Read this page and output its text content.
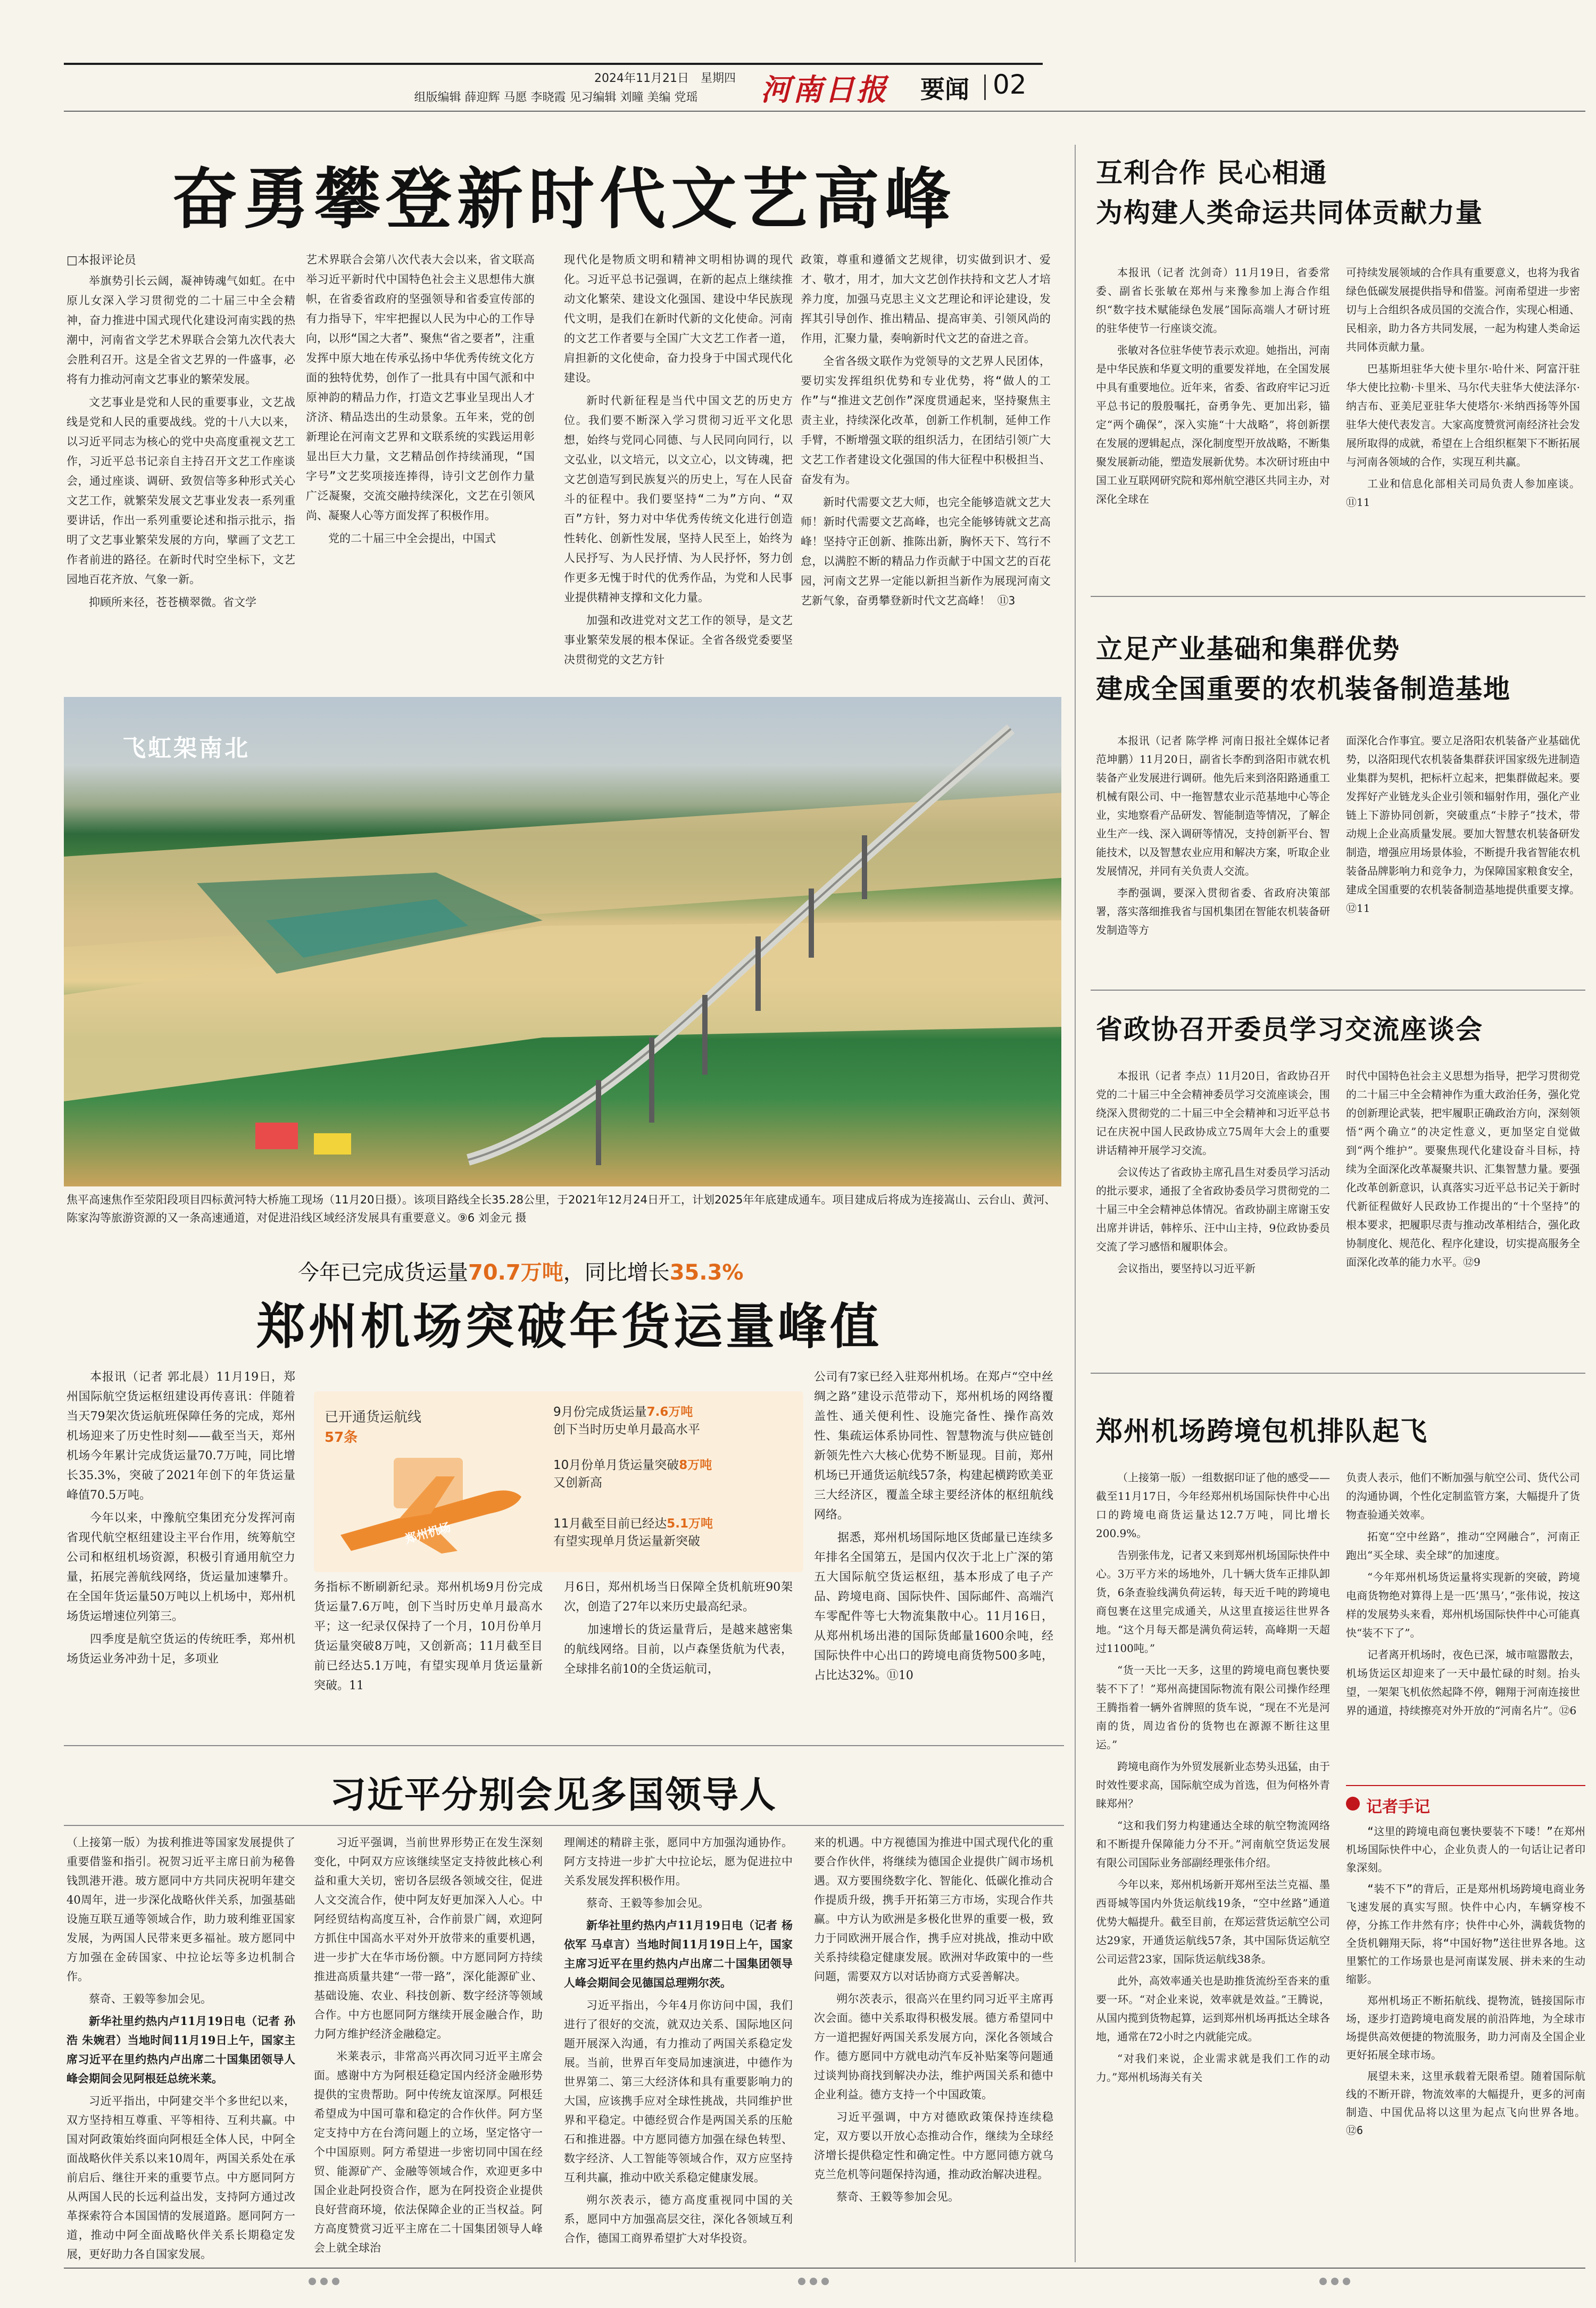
2024年11月21日　星期四
组版编辑 薛迎辉 马愿 李晓霞 见习编辑 刘曈 美编 党瑶	河南日报	要闻 02
奋勇攀登新时代文艺高峰
□本报评论员

举旗势引长云阔，凝神铸魂气如虹。在中原儿女深入学习贯彻党的二十届三中全会精神，奋力推进中国式现代化建设河南实践的热潮中，河南省文学艺术界联合会第九次代表大会胜利召开。这是全省文艺界的一件盛事，必将有力推动河南文艺事业的繁荣发展。

文艺事业是党和人民的重要事业，文艺战线是党和人民的重要战线。党的十八大以来，以习近平同志为核心的党中央高度重视文艺工作，习近平总书记亲自主持召开文艺工作座谈会，通过座谈、调研、致贺信等多种形式关心文艺工作，就繁荣发展文艺事业发表一系列重要讲话，作出一系列重要论述和指示批示，指明了文艺事业繁荣发展的方向，擘画了文艺工作者前进的路径。在新时代时空坐标下，文艺园地百花齐放、气象一新。

抑顾所来径，苍苍横翠微。省文学

艺术界联合会第八次代表大会以来，省文联高举习近平新时代中国特色社会主义思想伟大旗帜，在省委省政府的坚强领导和省委宣传部的有力指导下，牢牢把握以人民为中心的工作导向，以形“国之大者”、聚焦“省之要者”，注重发挥中原大地在传承弘扬中华优秀传统文化方面的独特优势，创作了一批具有中国气派和中原神韵的精品力作，打造文艺事业呈现出人才济济、精品迭出的生动景象。五年来，党的创新理论在河南文艺界和文联系统的实践运用彰显出巨大力量，文艺精品创作持续涌现，“国字号”文艺奖项接连捧得，诗引文艺创作力量广泛凝聚，交流交融持续深化，文艺在引领风尚、凝聚人心等方面发挥了积极作用。

党的二十届三中全会提出，中国式

现代化是物质文明和精神文明相协调的现代化。习近平总书记强调，在新的起点上继续推动文化繁荣、建设文化强国、建设中华民族现代文明，是我们在新时代新的文化使命。河南的文艺工作者要与全国广大文艺工作者一道，肩担新的文化使命，奋力投身于中国式现代化建设。

新时代新征程是当代中国文艺的历史方位。我们要不断深入学习贯彻习近平文化思想，始终与党同心同德、与人民同向同行，以文弘业，以文培元，以文立心，以文铸魂，把文艺创造写到民族复兴的历史上，写在人民奋斗的征程中。我们要坚持“二为”方向、“双百”方针，努力对中华优秀传统文化进行创造性转化、创新性发展，坚持人民至上，始终为人民抒写、为人民抒情、为人民抒怀，努力创作更多无愧于时代的优秀作品，为党和人民事业提供精神支撑和文化力量。

加强和改进党对文艺工作的领导，是文艺事业繁荣发展的根本保证。全省各级党委要坚决贯彻党的文艺方针

政策，尊重和遵循文艺规律，切实做到识才、爱才、敬才，用才，加大文艺创作扶持和文艺人才培养力度，加强马克思主义文艺理论和评论建设，发挥其引导创作、推出精品、提高审美、引领风尚的作用，汇聚力量，奏响新时代文艺的奋进之音。

全省各级文联作为党领导的文艺界人民团体，要切实发挥组织优势和专业优势，将“做人的工作”与“推进文艺创作”深度贯通起来，坚持聚焦主责主业，持续深化改革，创新工作机制，延伸工作手臂，不断增强文联的组织活力，在团结引领广大文艺工作者建设文化强国的伟大征程中积极担当、奋发有为。

新时代需要文艺大师，也完全能够造就文艺大师！新时代需要文艺高峰，也完全能够铸就文艺高峰！坚持守正创新、推陈出新，胸怀天下、笃行不怠，以满腔不断的精品力作贡献于中国文艺的百花园，河南文艺界一定能以新担当新作为展现河南文艺新气象，奋勇攀登新时代文艺高峰！ ⑪3

飞虹架南北
焦平高速焦作至荥阳段项目四标黄河特大桥施工现场（11月20日摄）。该项目路线全长35.28公里，于2021年12月24日开工，计划2025年年底建成通车。项目建成后将成为连接嵩山、云台山、黄河、陈家沟等旅游资源的又一条高速通道，对促进沿线区域经济发展具有重要意义。⑨6 刘金元 摄
今年已完成货运量70.7万吨，同比增长35.3%
郑州机场突破年货运量峰值

本报讯（记者 郭北晨）11月19日，郑州国际航空货运枢纽建设再传喜讯：伴随着当天79架次货运航班保障任务的完成，郑州机场迎来了历史性时刻——截至当天，郑州机场今年累计完成货运量70.7万吨，同比增长35.3%，突破了2021年创下的年货运量峰值70.5万吨。

今年以来，中豫航空集团充分发挥河南省现代航空枢纽建设主平台作用，统筹航空公司和枢纽机场资源，积极引育通用航空力量，拓展完善航线网络，货运量加速攀升。在全国年货运量50万吨以上机场中，郑州机场货运增速位列第三。

四季度是航空货运的传统旺季，郑州机场货运业务冲劲十足，多项业

已开通货运航线 57条
郑州机场
9月份完成货运量7.6万吨
创下当时历史单月最高水平
10月份单月货运量突破8万吨
又创新高
11月截至目前已经达5.1万吨
有望实现单月货运量新突破

务指标不断刷新纪录。郑州机场9月份完成货运量7.6万吨，创下当时历史单月最高水平；这一纪录仅保持了一个月，10月份单月货运量突破8万吨，又创新高；11月截至目前已经达5.1万吨，有望实现单月货运量新突破。11

月6日，郑州机场当日保障全货机航班90架次，创造了27年以来历史最高纪录。

加速增长的货运量背后，是越来越密集的航线网络。目前，以卢森堡货航为代表，全球排名前10的全货运航司，

公司有7家已经入驻郑州机场。在郑卢“空中丝绸之路”建设示范带动下，郑州机场的网络覆盖性、通关便利性、设施完备性、操作高效性、集疏运体系协同性、智慧物流与供应链创新领先性六大核心优势不断显现。目前，郑州机场已开通货运航线57条，构建起横跨欧美亚三大经济区，覆盖全球主要经济体的枢纽航线网络。

据悉，郑州机场国际地区货邮量已连续多年排名全国第五，是国内仅次于北上广深的第五大国际航空货运枢纽，基本形成了电子产品、跨境电商、国际快件、国际邮件、高端汽车零配件等七大物流集散中心。11月16日，从郑州机场出港的国际货邮量1600余吨，经国际快件中心出口的跨境电商货物500多吨，占比达32%。⑪10

习近平分别会见多国领导人

（上接第一版）为拔利推进等国家发展提供了重要借鉴和指引。祝贺习近平主席日前为秘鲁钱凯港开港。玻方愿同中方共同庆祝明年建交40周年，进一步深化战略伙伴关系，加强基础设施互联互通等领域合作，助力玻利维亚国家发展，为两国人民带来更多福祉。玻方愿同中方加强在金砖国家、中拉论坛等多边机制合作。

蔡奇、王毅等参加会见。

新华社里约热内卢11月19日电（记者 孙浩 朱婉君）当地时间11月19日上午，国家主席习近平在里约热内卢出席二十国集团领导人峰会期间会见阿根廷总统米莱。

习近平指出，中阿建交半个多世纪以来，双方坚持相互尊重、平等相待、互利共赢。中国对阿政策始终面向阿根廷全体人民，中阿全面战略伙伴关系以来10周年，两国关系处在承前启后、继往开来的重要节点。中方愿同阿方从两国人民的长远利益出发，支持阿方通过改革探索符合本国国情的发展道路。愿同阿方一道，推动中阿全面战略伙伴关系长期稳定发展，更好助力各自国家发展。

习近平强调，当前世界形势正在发生深刻变化，中阿双方应该继续坚定支持彼此核心利益和重大关切，密切各层级各领域交往，促进人文交流合作，使中阿友好更加深入人心。中阿经贸结构高度互补，合作前景广阔，欢迎阿方抓住中国高水平对外开放带来的重要机遇，进一步扩大在华市场份额。中方愿同阿方持续推进高质量共建“一带一路”，深化能源矿业、基础设施、农业、科技创新、数字经济等领域合作。中方也愿同阿方继续开展金融合作，助力阿方维护经济金融稳定。

米莱表示，非常高兴再次同习近平主席会面。感谢中方为阿根廷稳定国内经济金融形势提供的宝贵帮助。阿中传统友谊深厚。阿根廷希望成为中国可靠和稳定的合作伙伴。阿方坚定支持中方在台湾问题上的立场，坚定恪守一个中国原则。阿方希望进一步密切同中国在经贸、能源矿产、金融等领域合作，欢迎更多中国企业赴阿投资合作，愿为在阿投资企业提供良好营商环境，依法保障企业的正当权益。阿方高度赞赏习近平主席在二十国集团领导人峰会上就全球治

理阐述的精辟主张，愿同中方加强沟通协作。阿方支持进一步扩大中拉论坛，愿为促进拉中关系发展发挥积极作用。

蔡奇、王毅等参加会见。

新华社里约热内卢11月19日电（记者 杨依军 马卓言）当地时间11月19日上午，国家主席习近平在里约热内卢出席二十国集团领导人峰会期间会见德国总理朔尔茨。

习近平指出，今年4月你访问中国，我们进行了很好的交流，就双边关系、国际地区问题开展深入沟通，有力推动了两国关系稳定发展。当前，世界百年变局加速演进，中德作为世界第二、第三大经济体和具有重要影响力的大国，应该携手应对全球性挑战，共同维护世界和平稳定。中德经贸合作是两国关系的压舱石和推进器。中方愿同德方加强在绿色转型、数字经济、人工智能等领域合作，双方应坚持互利共赢，推动中欧关系稳定健康发展。

朔尔茨表示，德方高度重视同中国的关系，愿同中方加强高层交往，深化各领域互利合作，德国工商界希望扩大对华投资。

来的机遇。中方视德国为推进中国式现代化的重要合作伙伴，将继续为德国企业提供广阔市场机遇。双方要围绕数字化、智能化、低碳化推动合作提质升级，携手开拓第三方市场，实现合作共赢。中方认为欧洲是多极化世界的重要一极，致力于同欧洲开展合作，携手应对挑战，推动中欧关系持续稳定健康发展。欧洲对华政策中的一些问题，需要双方以对话协商方式妥善解决。

朔尔茨表示，很高兴在里约同习近平主席再次会面。德中关系取得积极发展。德方希望同中方一道把握好两国关系发展方向，深化各领域合作。德方愿同中方就电动汽车反补贴案等问题通过谈判协商找到解决办法，维护两国关系和德中企业利益。德方支持一个中国政策。

习近平强调，中方对德欧政策保持连续稳定，双方要以开放心态推动合作，继续为全球经济增长提供稳定性和确定性。中方愿同德方就乌克兰危机等问题保持沟通，推动政治解决进程。

蔡奇、王毅等参加会见。

互利合作 民心相通
为构建人类命运共同体贡献力量

本报讯（记者 沈剑奇）11月19日，省委常委、副省长张敏在郑州与来豫参加上海合作组织“数字技术赋能绿色发展”国际高端人才研讨班的驻华使节一行座谈交流。

张敏对各位驻华使节表示欢迎。她指出，河南是中华民族和华夏文明的重要发祥地，在全国发展中具有重要地位。近年来，省委、省政府牢记习近平总书记的殷殷嘱托，奋勇争先、更加出彩，锚定“两个确保”，深入实施“十大战略”，将创新摆在发展的逻辑起点，深化制度型开放战略，不断集聚发展新动能，塑造发展新优势。本次研讨班由中国工业互联网研究院和郑州航空港区共同主办，对深化全球在

可持续发展领域的合作具有重要意义，也将为我省绿色低碳发展提供指导和借鉴。河南希望进一步密切与上合组织各成员国的交流合作，实现心相通、民相亲，助力各方共同发展，一起为构建人类命运共同体贡献力量。

巴基斯坦驻华大使卡里尔·哈什米、阿富汗驻华大使比拉勒·卡里米、马尔代夫驻华大使法泽尔·纳吉布、亚美尼亚驻华大使塔尔·米纳西扬等外国驻华大使代表发言。大家高度赞赏河南经济社会发展所取得的成就，希望在上合组织框架下不断拓展与河南各领域的合作，实现互利共赢。

工业和信息化部相关司局负责人参加座谈。⑪11

立足产业基础和集群优势
建成全国重要的农机装备制造基地

本报讯（记者 陈学桦 河南日报社全媒体记者 范坤鹏）11月20日，副省长李酌到洛阳市就农机装备产业发展进行调研。他先后来到洛阳路通重工机械有限公司、中一拖智慧农业示范基地中心等企业，实地察看产品研发、智能制造等情况，了解企业生产一线、深入调研等情况，支持创新平台、智能技术，以及智慧农业应用和解决方案，听取企业发展情况，并同有关负责人交流。

李酌强调，要深入贯彻省委、省政府决策部署，落实落细推我省与国机集团在智能农机装备研发制造等方

面深化合作事宜。要立足洛阳农机装备产业基础优势，以洛阳现代农机装备集群获评国家级先进制造业集群为契机，把标杆立起来，把集群做起来。要发挥好产业链龙头企业引领和辐射作用，强化产业链上下游协同创新，突破重点“卡脖子”技术，带动规上企业高质量发展。要加大智慧农机装备研发制造，增强应用场景体验，不断提升我省智能农机装备品牌影响力和竞争力，为保障国家粮食安全，建成全国重要的农机装备制造基地提供重要支撑。⑫11

省政协召开委员学习交流座谈会

本报讯（记者 李点）11月20日，省政协召开党的二十届三中全会精神委员学习交流座谈会，围绕深入贯彻党的二十届三中全会精神和习近平总书记在庆祝中国人民政协成立75周年大会上的重要讲话精神开展学习交流。

会议传达了省政协主席孔昌生对委员学习活动的批示要求，通报了全省政协委员学习贯彻党的二十届三中全会精神总体情况。省政协副主席谢玉安出席并讲话，韩梓乐、汪中山主持，9位政协委员交流了学习感悟和履职体会。

会议指出，要坚持以习近平新

时代中国特色社会主义思想为指导，把学习贯彻党的二十届三中全会精神作为重大政治任务，强化党的创新理论武装，把牢履职正确政治方向，深刻领悟“两个确立”的决定性意义，更加坚定自觉做到“两个维护”。要聚焦现代化建设奋斗目标，持续为全面深化改革凝聚共识、汇集智慧力量。要强化改革创新意识，认真落实习近平总书记关于新时代新征程做好人民政协工作提出的“十个坚持”的根本要求，把履职尽责与推动改革相结合，强化政协制度化、规范化、程序化建设，切实提高服务全面深化改革的能力水平。⑫9

郑州机场跨境包机排队起飞

（上接第一版）一组数据印证了他的感受——截至11月17日，今年经郑州机场国际快件中心出口的跨境电商货运量达12.7万吨，同比增长200.9%。

告别张伟龙，记者又来到郑州机场国际快件中心。3万平方米的场地外，几十辆大货车正排队卸货，6条查验线满负荷运转，每天近千吨的跨境电商包裹在这里完成通关，从这里直接运往世界各地。“这个月每天都是满负荷运转，高峰期一天超过1100吨。”

“货一天比一天多，这里的跨境电商包裹快要装不下了！”郑州高捷国际物流有限公司操作经理王腾指着一辆外省牌照的货车说，“现在不光是河南的货，周边省份的货物也在源源不断往这里运。”

跨境电商作为外贸发展新业态势头迅猛，由于时效性要求高，国际航空成为首选，但为何格外青睐郑州？

“这和我们努力构建通达全球的航空物流网络和不断提升保障能力分不开。”河南航空货运发展有限公司国际业务部副经理张伟介绍。

今年以来，郑州机场新开郑州至法兰克福、墨西哥城等国内外货运航线19条，“空中丝路”通道优势大幅提升。截至目前，在郑运营货运航空公司达29家，开通货运航线57条，其中国际货运航空公司运营23家，国际货运航线38条。

此外，高效率通关也是助推货流纷至沓来的重要一环。“对企业来说，效率就是效益。”王腾说，从国内揽到货物起算，运到郑州机场再抵达全球各地，通常在72小时之内就能完成。

“对我们来说，企业需求就是我们工作的动力。”郑州机场海关有关

负责人表示，他们不断加强与航空公司、货代公司的沟通协调，个性化定制监管方案，大幅提升了货物查验通关效率。

拓宽“空中丝路”，推动“空网融合”，河南正跑出“买全球、卖全球”的加速度。

“今年郑州机场货运量将实现新的突破，跨境电商货物绝对算得上是一匹‘黑马’，”张伟说，按这样的发展势头来看，郑州机场国际快件中心可能真快“装不下了”。

记者离开机场时，夜色已深，城市喧嚣散去，机场货运区却迎来了一天中最忙碌的时刻。抬头望，一架架飞机依然起降不停，翱翔于河南连接世界的通道，持续擦亮对外开放的“河南名片”。⑫6

记者手记

“这里的跨境电商包裹快要装不下喽！”在郑州机场国际快件中心，企业负责人的一句话让记者印象深刻。

“装不下”的背后，正是郑州机场跨境电商业务飞速发展的真实写照。快件中心内，车辆穿梭不停，分拣工作井然有序；快件中心外，满载货物的全货机翱翔天际，将“中国好物”送往世界各地。这里繁忙的工作场景也是河南谋发展、拼未来的生动缩影。

郑州机场正不断拓航线、提物流，链接国际市场，逐步打造跨境电商发展的前沿阵地，为全球市场提供高效便捷的物流服务，助力河南及全国企业更好拓展全球市场。

展望未来，这里承载着无限希望。随着国际航线的不断开辟，物流效率的大幅提升，更多的河南制造、中国优品将以这里为起点飞向世界各地。⑫6
